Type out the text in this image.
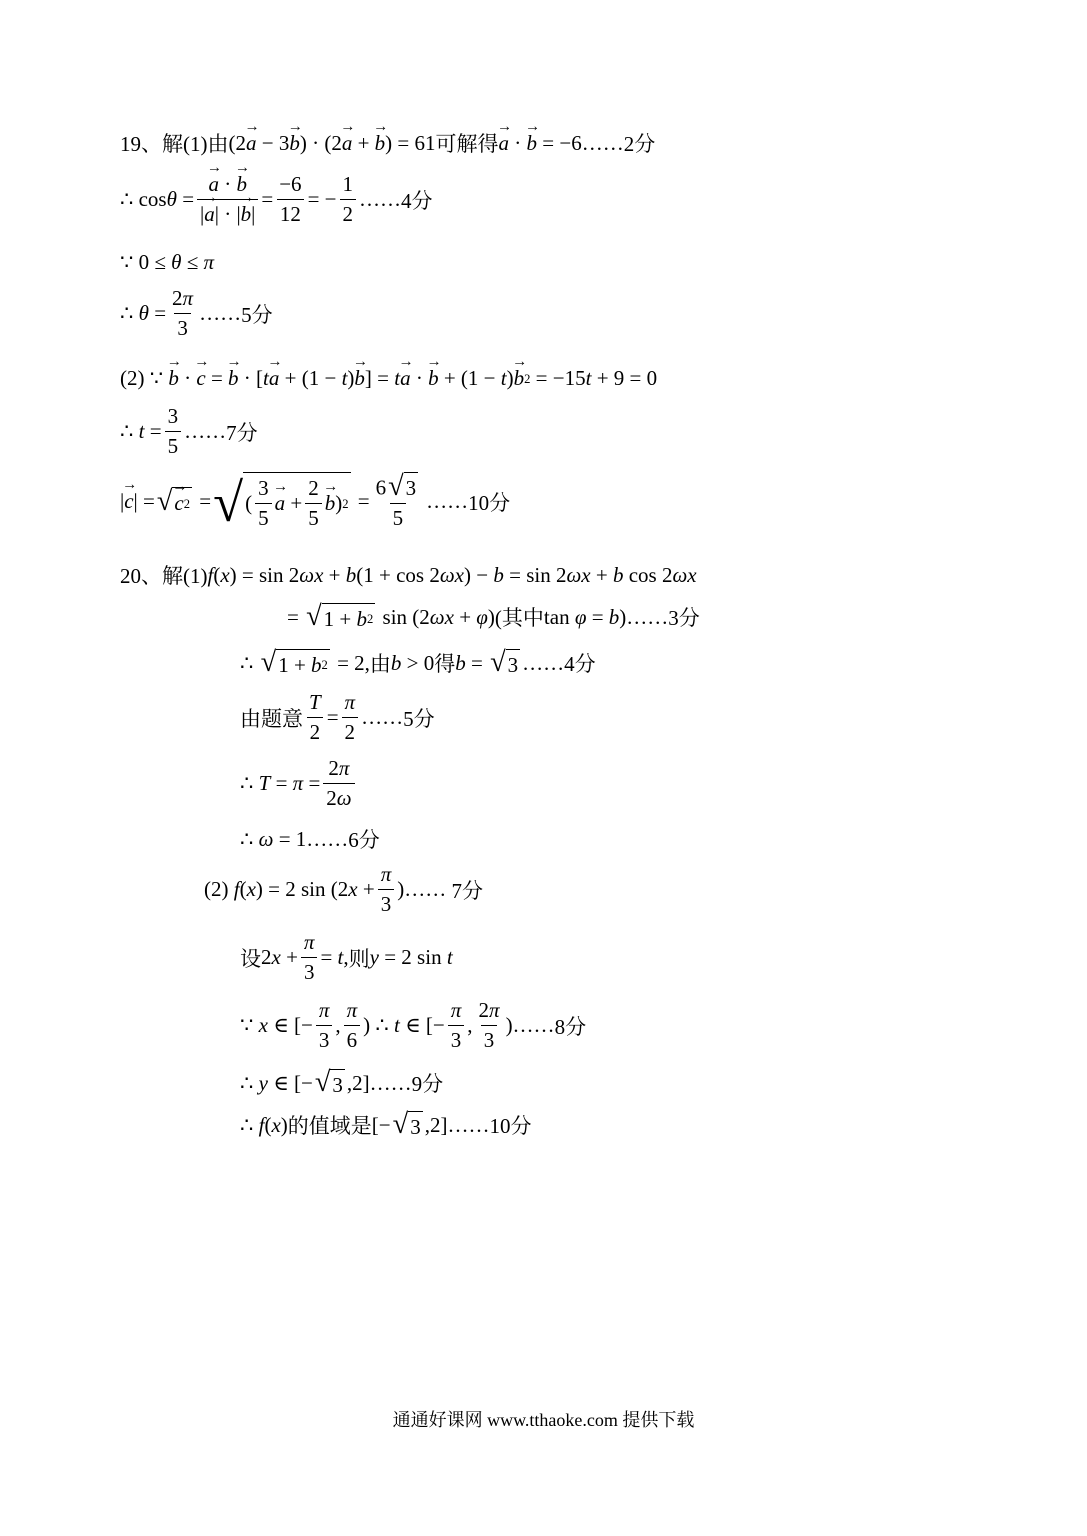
19、解(1)由 (2
→ a − 3
→ b ) · (2
→ a +
→ b ) = 61 可解得
→ a ·
→ b = −6…… 2分
∴ cos θ =
→ $\frac{a \cdot \to b}{|\to a| \cdot |\to b|} = \frac{-6}{12}$ = − $\frac{1}{2}$ …… 4分
∵ 0 ≤ θ ≤ π
∴ $\theta = \frac{2\pi}{3}$ …… 5分
(2) ∵
→ b ·
→ c =
→ b · [ t
→ a + (1 − t )
→ b ] = t
→ a ·
→ b + (1 − t )
→ b 2 = −15 t + 9 = 0
∴ $t = \frac{3}{5}$ …… 7分
|
→ c | = √
→ c 2 = √ ( $\frac{3}{5}$
→ $a + \frac{2}{5}$
→ b ) $2 = \frac{6 √ 3}{5}$ …… 10分
20、解(1) f ( x ) = sin 2 ωx + b (1 + cos 2 ωx ) − b = sin 2 ωx + b cos 2 ωx
= √ 1 + b 2 sin (2 ωx + φ ) (其中 tan φ = b )…… 3分
∴ √ 1 + b 2 = 2, 由 b > 0 得 b = √ 3 …… 4分
由题意 $\frac{T}{2} = \frac{\pi}{2}$ …… 5分
∴ $T = \pi = \frac{2\pi}{2\omega}$
∴ ω = 1…… 6分
(2) f ( x ) = 2 sin (2 $x + \frac{\pi}{3}$ )…… 7分
设 2 $x + \frac{\pi}{3} = t$ , 则 y = 2 sin t
∵ x ∈ [− $\frac{\pi}{3}$ , $\frac{\pi}{6}$ ) ∴ t ∈ [− $\frac{\pi}{3}$ , $\frac{2\pi}{3}$ )…… 8分
∴ y ∈ [− √ 3 ,2]…… 9分
∴ f ( x ) 的值域是 [− √ 3 ,2]…… 10分
通通好课网 www.tthaoke.com 提供下载
